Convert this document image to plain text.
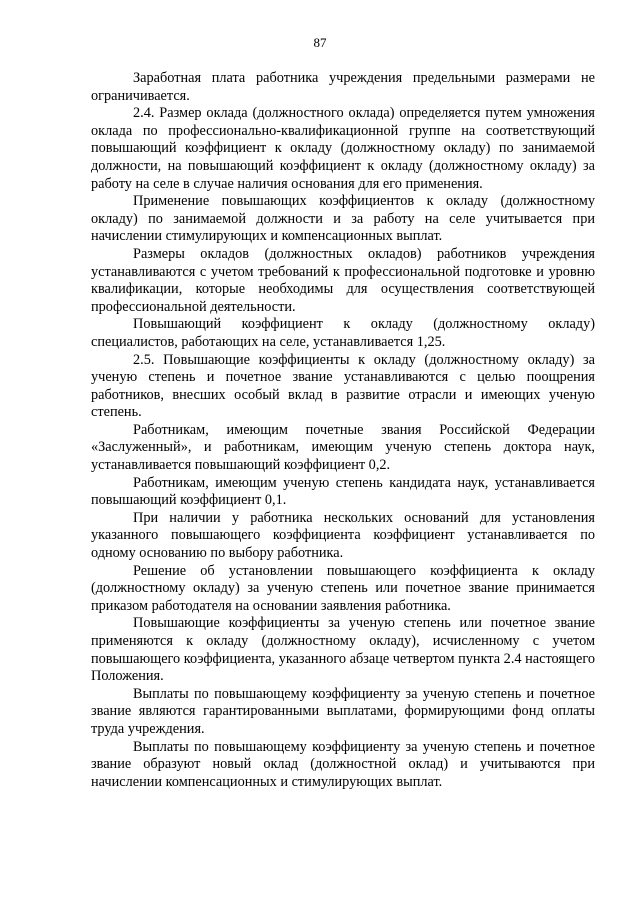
87

Заработная плата работника учреждения предельными размерами не ограничивается.

2.4. Размер оклада (должностного оклада) определяется путем умножения оклада по профессионально-квалификационной группе на соответствующий повышающий коэффициент к окладу (должностному окладу) по занимаемой должности, на повышающий коэффициент к окладу (должностному окладу) за работу на селе в случае наличия основания для его применения.

Применение повышающих коэффициентов к окладу (должностному окладу) по занимаемой должности и за работу на селе учитывается при начислении стимулирующих и компенсационных выплат.

Размеры окладов (должностных окладов) работников учреждения устанавливаются с учетом требований к профессиональной подготовке и уровню квалификации, которые необходимы для осуществления соответствующей профессиональной деятельности.

Повышающий коэффициент к окладу (должностному окладу) специалистов, работающих на селе, устанавливается 1,25.

2.5. Повышающие коэффициенты к окладу (должностному окладу) за ученую степень и почетное звание устанавливаются с целью поощрения работников, внесших особый вклад в развитие отрасли и имеющих ученую степень.

Работникам, имеющим почетные звания Российской Федерации «Заслуженный», и работникам, имеющим ученую степень доктора наук, устанавливается повышающий коэффициент 0,2.

Работникам, имеющим ученую степень кандидата наук, устанавливается повышающий коэффициент 0,1.

При наличии у работника нескольких оснований для установления указанного повышающего коэффициента коэффициент устанавливается по одному основанию по выбору работника.

Решение об установлении повышающего коэффициента к окладу (должностному окладу) за ученую степень или почетное звание принимается приказом работодателя на основании заявления работника.

Повышающие коэффициенты за ученую степень или почетное звание применяются к окладу (должностному окладу), исчисленному с учетом повышающего коэффициента, указанного абзаце четвертом пункта 2.4 настоящего Положения.

Выплаты по повышающему коэффициенту за ученую степень и почетное звание являются гарантированными выплатами, формирующими фонд оплаты труда учреждения.

Выплаты по повышающему коэффициенту за ученую степень и почетное звание образуют новый оклад (должностной оклад) и учитываются при начислении компенсационных и стимулирующих выплат.
